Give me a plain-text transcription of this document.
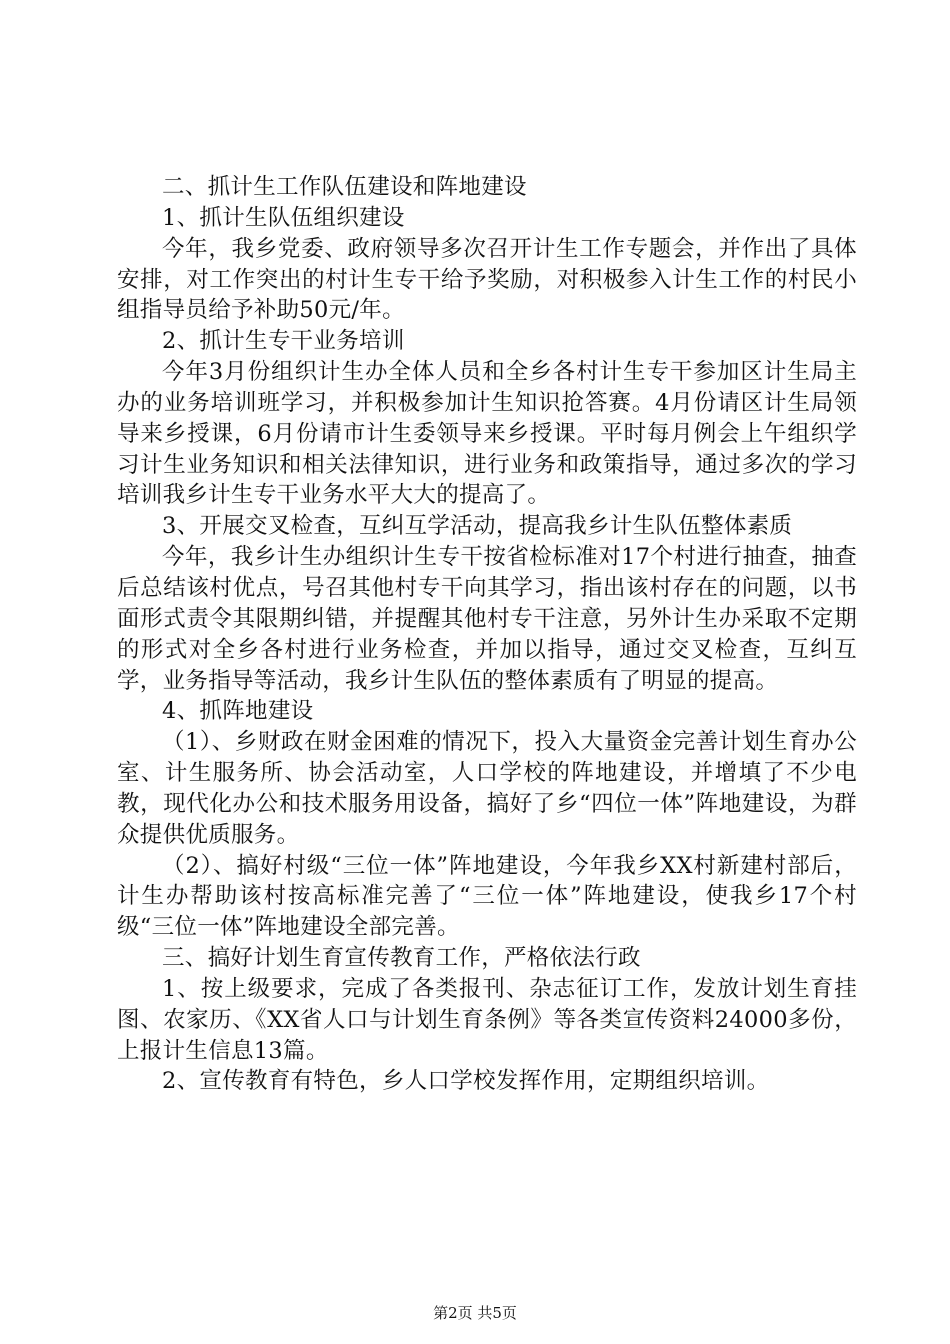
二、抓计生工作队伍建设和阵地建设

1、抓计生队伍组织建设

今年，我乡党委、政府领导多次召开计生工作专题会，并作出了具体安排，对工作突出的村计生专干给予奖励，对积极参入计生工作的村民小组指导员给予补助50元/年。

2、抓计生专干业务培训

今年3月份组织计生办全体人员和全乡各村计生专干参加区计生局主办的业务培训班学习，并积极参加计生知识抢答赛。4月份请区计生局领导来乡授课，6月份请市计生委领导来乡授课。平时每月例会上午组织学习计生业务知识和相关法律知识，进行业务和政策指导，通过多次的学习培训我乡计生专干业务水平大大的提高了。

3、开展交叉检查，互纠互学活动，提高我乡计生队伍整体素质

今年，我乡计生办组织计生专干按省检标准对17个村进行抽查，抽查后总结该村优点，号召其他村专干向其学习，指出该村存在的问题，以书面形式责令其限期纠错，并提醒其他村专干注意，另外计生办采取不定期的形式对全乡各村进行业务检查，并加以指导，通过交叉检查，互纠互学，业务指导等活动，我乡计生队伍的整体素质有了明显的提高。

4、抓阵地建设

（1）、乡财政在财金困难的情况下，投入大量资金完善计划生育办公室、计生服务所、协会活动室，人口学校的阵地建设，并增填了不少电教，现代化办公和技术服务用设备，搞好了乡“四位一体”阵地建设，为群众提供优质服务。

（2）、搞好村级“三位一体”阵地建设，今年我乡XX村新建村部后，计生办帮助该村按高标准完善了“三位一体”阵地建设，使我乡17个村级“三位一体”阵地建设全部完善。

三、搞好计划生育宣传教育工作，严格依法行政

1、按上级要求，完成了各类报刊、杂志征订工作，发放计划生育挂图、农家历、《XX省人口与计划生育条例》等各类宣传资料24000多份，上报计生信息13篇。

2、宣传教育有特色，乡人口学校发挥作用，定期组织培训。

第2页 共5页
